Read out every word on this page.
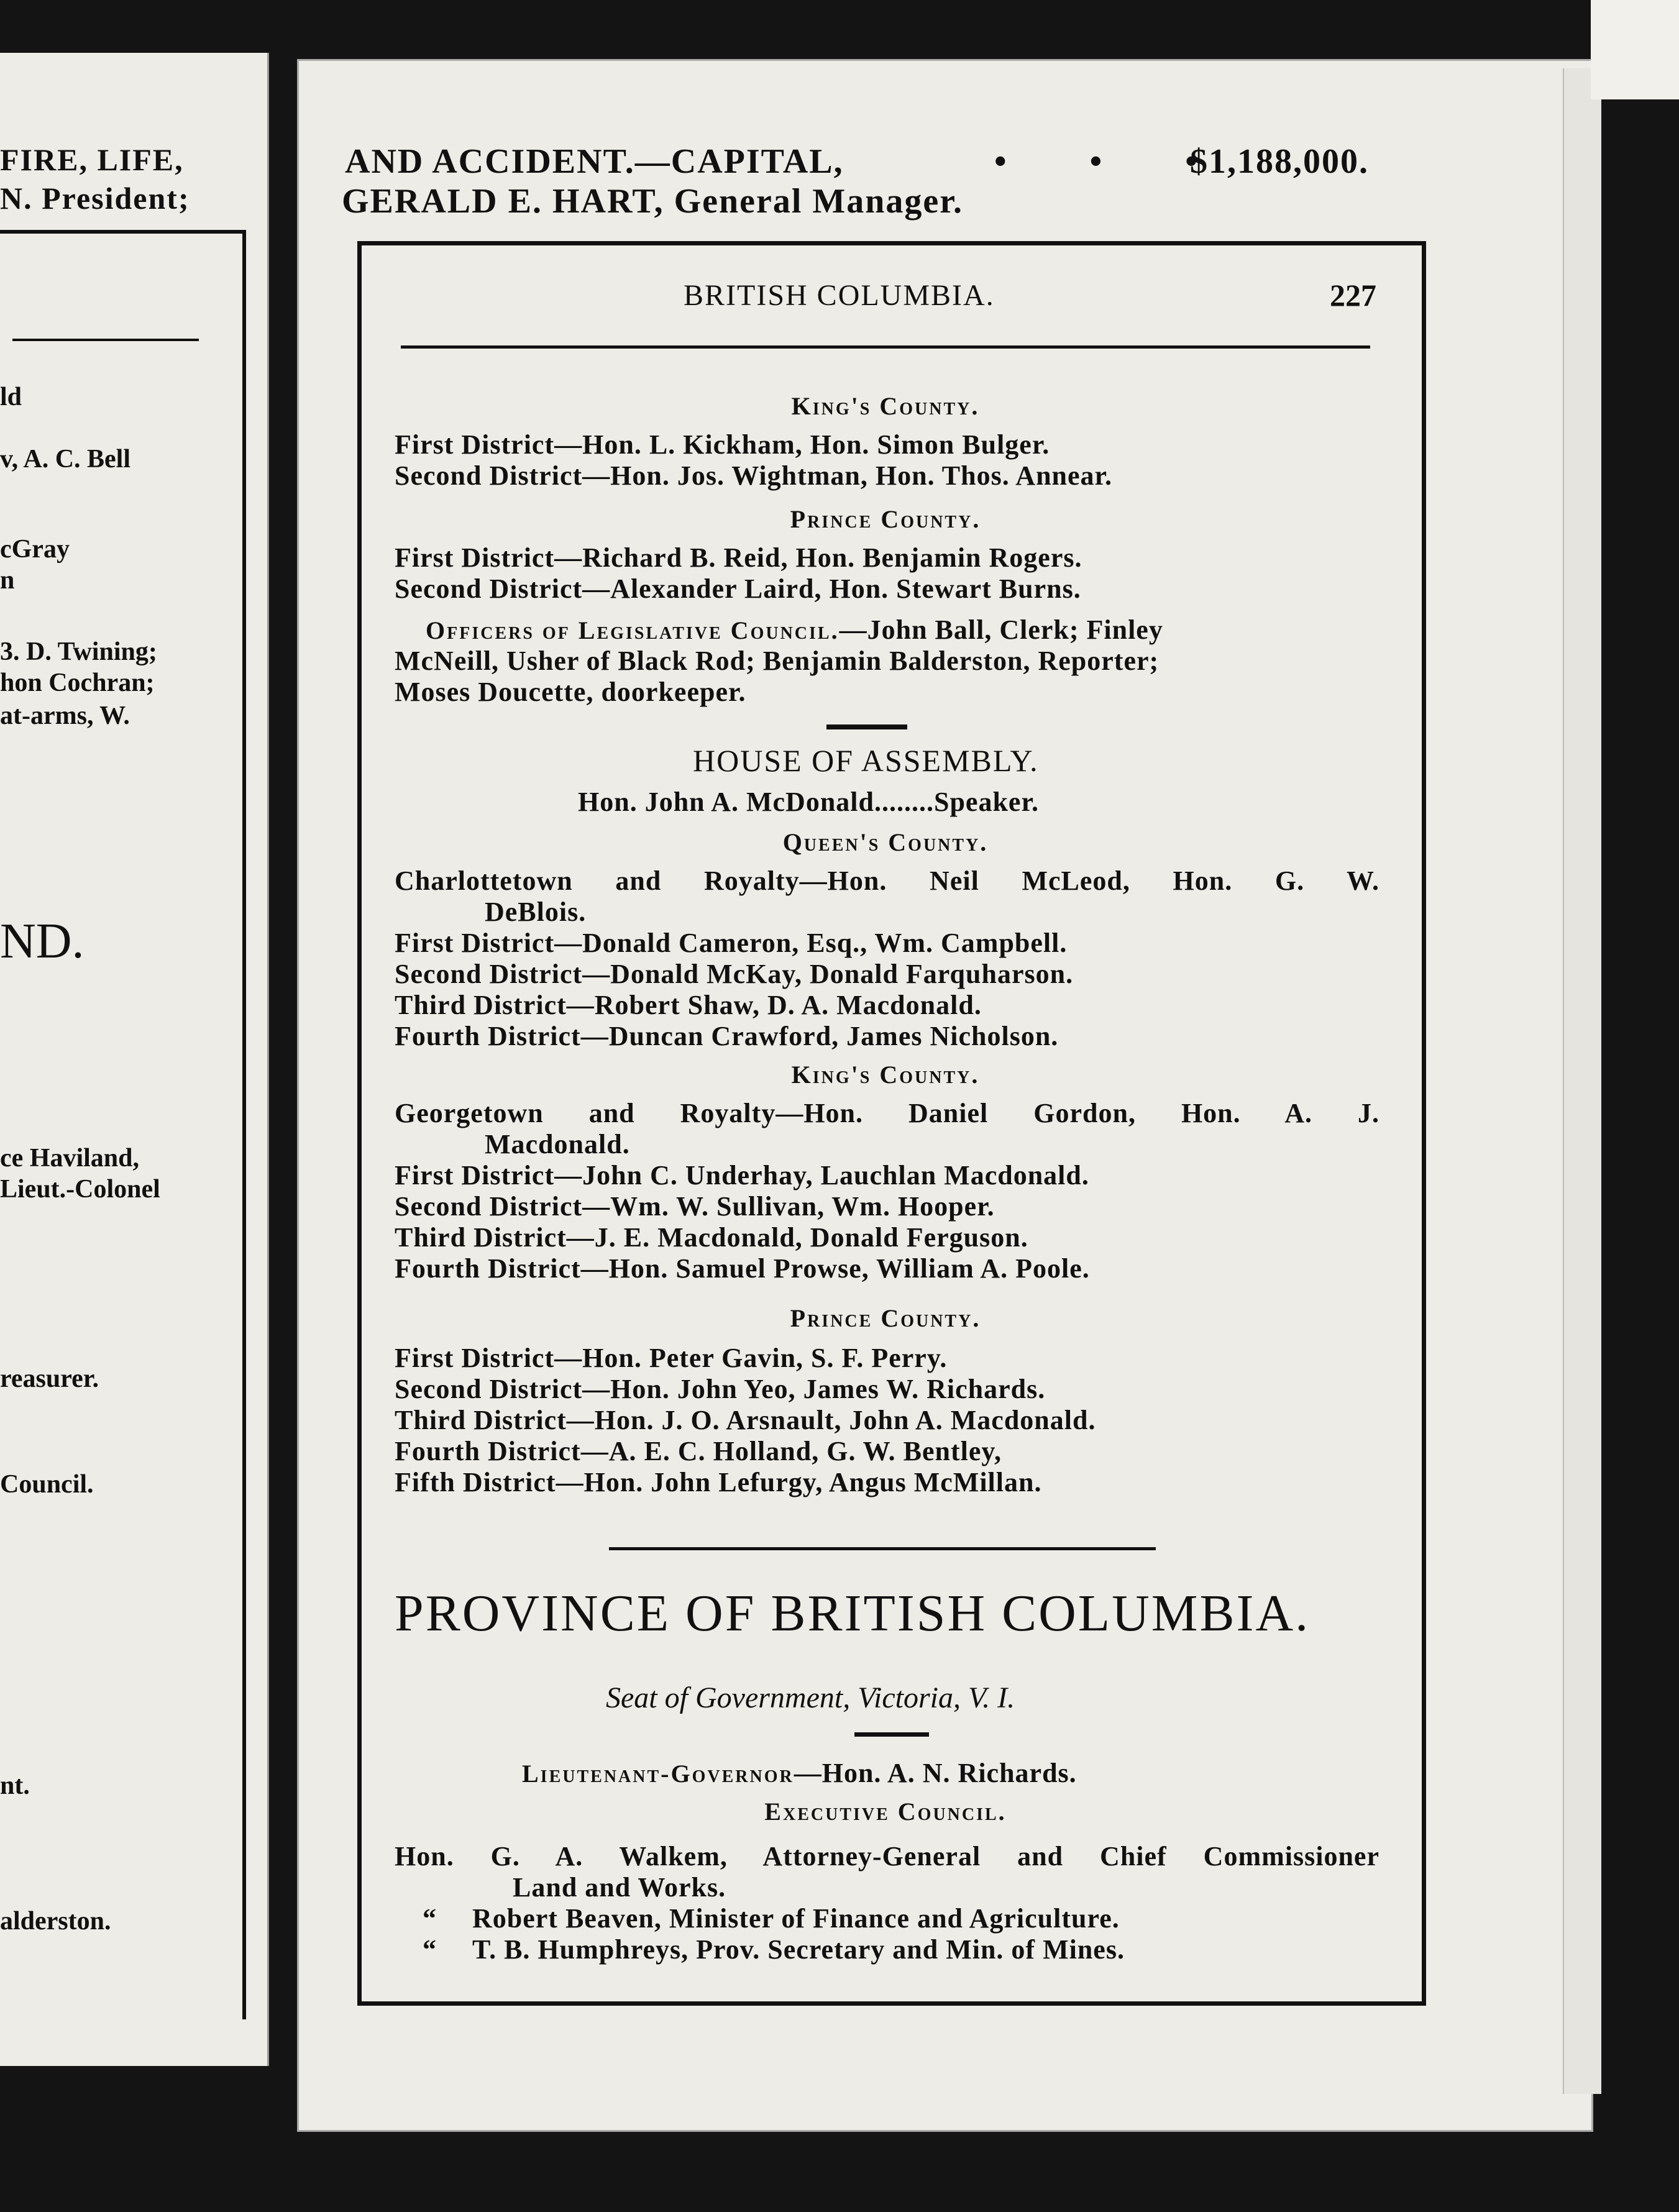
FIRE, LIFE,
N. President;
ld
v, A. C. Bell
cGray
n
3. D. Twining;
hon Cochran;
at-arms, W.
ND.
ce Haviland,
Lieut.-Colonel
reasurer.
Council.
nt.
alderston.
AND ACCIDENT.—CAPITAL,	• • •
$1,188,000.
GERALD E. HART, General Manager.
BRITISH COLUMBIA.	227
King's County.
First District—Hon. L. Kickham, Hon. Simon Bulger.
Second District—Hon. Jos. Wightman, Hon. Thos. Annear.
Prince County.
First District—Richard B. Reid, Hon. Benjamin Rogers.
Second District—Alexander Laird, Hon. Stewart Burns.
Officers of Legislative Council.—John Ball, Clerk; Finley
McNeill, Usher of Black Rod; Benjamin Balderston, Reporter;
Moses Doucette, doorkeeper.
HOUSE OF ASSEMBLY.
Hon. John A. McDonald........Speaker.
Queen's County.
Charlottetown and Royalty—Hon. Neil McLeod, Hon. G. W.
DeBlois.
First District—Donald Cameron, Esq., Wm. Campbell.
Second District—Donald McKay, Donald Farquharson.
Third District—Robert Shaw, D. A. Macdonald.
Fourth District—Duncan Crawford, James Nicholson.
King's County.
Georgetown and Royalty—Hon. Daniel Gordon, Hon. A. J.
Macdonald.
First District—John C. Underhay, Lauchlan Macdonald.
Second District—Wm. W. Sullivan, Wm. Hooper.
Third District—J. E. Macdonald, Donald Ferguson.
Fourth District—Hon. Samuel Prowse, William A. Poole.
Prince County.
First District—Hon. Peter Gavin, S. F. Perry.
Second District—Hon. John Yeo, James W. Richards.
Third District—Hon. J. O. Arsnault, John A. Macdonald.
Fourth District—A. E. C. Holland, G. W. Bentley,
Fifth District—Hon. John Lefurgy, Angus McMillan.
PROVINCE OF BRITISH COLUMBIA.
Seat of Government, Victoria, V. I.
Lieutenant-Governor—Hon. A. N. Richards.
Executive Council.
Hon. G. A. Walkem, Attorney-General and Chief Commissioner
Land and Works.
“ Robert Beaven, Minister of Finance and Agriculture.
“ T. B. Humphreys, Prov. Secretary and Min. of Mines.
